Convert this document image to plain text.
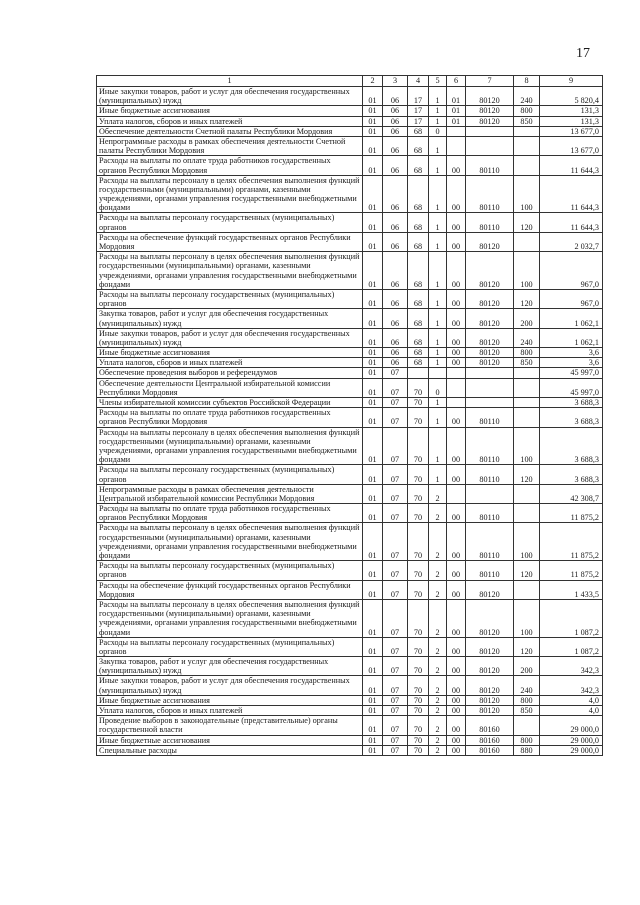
17
1	2	3	4	5	6	7	8	9
Иные закупки товаров, работ и услуг для обеспечения государственных (муниципальных) нужд	01	06	17	1	01	80120	240	5 820,4
Иные бюджетные ассигнования	01	06	17	1	01	80120	800	131,3
Уплата налогов, сборов и иных платежей	01	06	17	1	01	80120	850	131,3
Обеспечение деятельности Счетной палаты Республики Мордовия	01	06	68	0				13 677,0
Непрограммные расходы в рамках обеспечения деятельности Счетной палаты Республики Мордовия	01	06	68	1				13 677,0
Расходы на выплаты по оплате труда работников государственных органов Республики Мордовия	01	06	68	1	00	80110		11 644,3
Расходы на выплаты персоналу в целях обеспечения выполнения функций государственными (муниципальными) органами, казенными учреждениями, органами управления государственными внебюджетными фондами	01	06	68	1	00	80110	100	11 644,3
Расходы на выплаты персоналу государственных (муниципальных) органов	01	06	68	1	00	80110	120	11 644,3
Расходы на обеспечение функций государственных органов Республики Мордовия	01	06	68	1	00	80120		2 032,7
Расходы на выплаты персоналу в целях обеспечения выполнения функций государственными (муниципальными) органами, казенными учреждениями, органами управления государственными внебюджетными фондами	01	06	68	1	00	80120	100	967,0
Расходы на выплаты персоналу государственных (муниципальных) органов	01	06	68	1	00	80120	120	967,0
Закупка товаров, работ и услуг для обеспечения государственных (муниципальных) нужд	01	06	68	1	00	80120	200	1 062,1
Иные закупки товаров, работ и услуг для обеспечения государственных (муниципальных) нужд	01	06	68	1	00	80120	240	1 062,1
Иные бюджетные ассигнования	01	06	68	1	00	80120	800	3,6
Уплата налогов, сборов и иных платежей	01	06	68	1	00	80120	850	3,6
Обеспечение проведения выборов и референдумов	01	07						45 997,0
Обеспечение деятельности Центральной избирательной комиссии Республики Мордовия	01	07	70	0				45 997,0
Члены избирательной комиссии субъектов Российской Федерации	01	07	70	1				3 688,3
Расходы на выплаты по оплате труда работников государственных органов Республики Мордовия	01	07	70	1	00	80110		3 688,3
Расходы на выплаты персоналу в целях обеспечения выполнения функций государственными (муниципальными) органами, казенными учреждениями, органами управления государственными внебюджетными фондами	01	07	70	1	00	80110	100	3 688,3
Расходы на выплаты персоналу государственных (муниципальных) органов	01	07	70	1	00	80110	120	3 688,3
Непрограммные расходы в рамках обеспечения деятельности Центральной избирательной комиссии Республики Мордовия	01	07	70	2				42 308,7
Расходы на выплаты по оплате труда работников государственных органов Республики Мордовия	01	07	70	2	00	80110		11 875,2
Расходы на выплаты персоналу в целях обеспечения выполнения функций государственными (муниципальными) органами, казенными учреждениями, органами управления государственными внебюджетными фондами	01	07	70	2	00	80110	100	11 875,2
Расходы на выплаты персоналу государственных (муниципальных) органов	01	07	70	2	00	80110	120	11 875,2
Расходы на обеспечение функций государственных органов Республики Мордовия	01	07	70	2	00	80120		1 433,5
Расходы на выплаты персоналу в целях обеспечения выполнения функций государственными (муниципальными) органами, казенными учреждениями, органами управления государственными внебюджетными фондами	01	07	70	2	00	80120	100	1 087,2
Расходы на выплаты персоналу государственных (муниципальных) органов	01	07	70	2	00	80120	120	1 087,2
Закупка товаров, работ и услуг для обеспечения государственных (муниципальных) нужд	01	07	70	2	00	80120	200	342,3
Иные закупки товаров, работ и услуг для обеспечения государственных (муниципальных) нужд	01	07	70	2	00	80120	240	342,3
Иные бюджетные ассигнования	01	07	70	2	00	80120	800	4,0
Уплата налогов, сборов и иных платежей	01	07	70	2	00	80120	850	4,0
Проведение выборов в законодательные (представительные) органы государственной власти	01	07	70	2	00	80160		29 000,0
Иные бюджетные ассигнования	01	07	70	2	00	80160	800	29 000,0
Специальные расходы	01	07	70	2	00	80160	880	29 000,0
